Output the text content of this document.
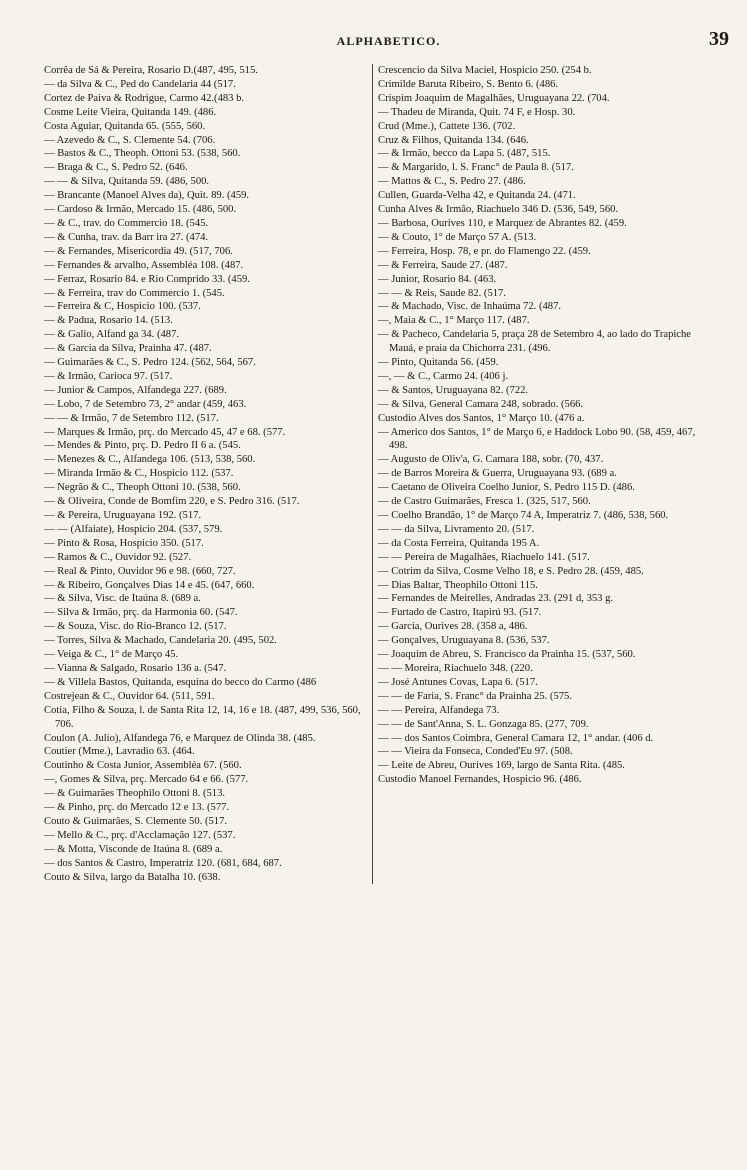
ALPHABETICO.	39
Corrêa de Sá & Pereira, Rosario D.(487, 495, 515.
— da Silva & C., Ped do Candelaria 44 (517.
Cortez de Paiva & Rodrigue, Carmo 42.(483 b.
Cosme Leite Vieira, Quitanda 149. (486.
Costa Aguiar, Quitanda 65. (555, 560.
— Azevedo & C., S. Clemente 54. (706.
— Bastos & C., Theoph. Ottoni 53. (538, 560.
— Braga & C., S. Pedro 52. (646.
— — & Silva, Quitanda 59. (486, 500.
— Brancante (Manoel Alves da), Quit. 89. (459.
— Cardoso & Irmão, Mercado 15. (486, 500.
— & C., trav. do Commercio 18. (545.
— & Cunha, trav. da Barr ira 27. (474.
— & Fernandes, Misericordia 49. (517, 706.
— Fernandes & arvalho, Assembléa 108. (487.
— Ferraz, Rosario 84. e Rio Comprido 33. (459.
— & Ferreira, trav do Commercio 1. (545.
— Ferreira & C, Hospicio 100. (537.
— & Padua, Rosario 14. (513.
— & Galio, Alfand ga 34. (487.
— & Garcia da Silva, Prainha 47. (487.
— Guimarães & C., S. Pedro 124. (562, 564, 567.
— & Irmão, Carioca 97. (517.
— Junior & Campos, Alfandega 227. (689.
— Lobo, 7 de Setembro 73, 2° andar (459, 463.
— — & Irmão, 7 de Setembro 112. (517.
— Marques & Irmão, prç. do Mercado 45, 47 e 68. (577.
— Mendes & Pinto, prç. D. Pedro II 6 a. (545.
— Menezes & C., Alfandega 106. (513, 538, 560.
— Miranda Irmão & C., Hospicio 112. (537.
— Negrão & C., Theoph Ottoni 10. (538, 560.
— & Oliveira, Conde de Bomfim 220, e S. Pedro 316. (517.
— & Pereira, Uruguayana 192. (517.
— — (Alfaiate), Hospicio 204. (537, 579.
— Pinto & Rosa, Hospicio 350. (517.
— Ramos & C., Ouvidor 92. (527.
— Real & Pinto, Ouvidor 96 e 98. (660, 727.
— & Ribeiro, Gonçalves Dias 14 e 45. (647, 660.
— & Silva, Visc. de Itaúna 8. (689 a.
— Silva & Irmão, prç. da Harmonia 60. (547.
— & Souza, Visc. do Rio-Branco 12. (517.
— Torres, Silva & Machado, Candelaria 20. (495, 502.
— Veiga & C., 1° de Março 45.
— Vianna & Salgado, Rosario 136 a. (547.
— & Villela Bastos, Quitanda, esquina do becco do Carmo (486
Costrejean & C., Ouvidor 64. (511, 591.
Cotia, Filho & Souza, l. de Santa Rita 12, 14, 16 e 18. (487, 499, 536, 560, 706.
Coulon (A. Julio), Alfandega 76, e Marquez de Olinda 38. (485.
Coutier (Mme.), Lavradio 63. (464.
Coutinho & Costa Junior, Assembléa 67. (560.
—, Gomes & Silva, prç. Mercado 64 e 66. (577.
— & Guimarães Theophilo Ottoni 8. (513.
— & Pinho, prç. do Mercado 12 e 13. (577.
Couto & Guimarães, S. Clemente 50. (517.
— Mello & C., prç. d'Acclamação 127. (537.
— & Motta, Visconde de Itaúna 8. (689 a.
— dos Santos & Castro, Imperatriz 120. (681, 684, 687.
Couto & Silva, largo da Batalha 10. (638.
Crescencio da Silva Maciel, Hospicio 250. (254 b.
Crimilde Baruta Ribeiro, S. Bento 6. (486.
Crispim Joaquim de Magalhães, Uruguayana 22. (704.
— Thadeu de Miranda, Quit. 74 F, e Hosp. 30.
Crud (Mme.), Cattete 136. (702.
Cruz & Filhos, Quitanda 134. (646.
— & Irmão, becco da Lapa 5. (487, 515.
— & Margarido, l. S. Franc° de Paula 8. (517.
— Mattos & C., S. Pedro 27. (486.
Cullen, Guarda-Velha 42, e Quitanda 24. (471.
Cunha Alves & Irmão, Riachuelo 346 D. (536, 549, 560.
— Barbosa, Ourives 110, e Marquez de Abrantes 82. (459.
— & Couto, 1° de Março 57 A. (513.
— Ferreira, Hosp. 78, e pr. do Flamengo 22. (459.
— & Ferreira, Saude 27. (487.
— Junior, Rosario 84. (463.
— — & Reis, Saude 82. (517.
— & Machado, Visc. de Inhaúma 72. (487.
—, Maia & C., 1° Março 117. (487.
— & Pacheco, Candelaria 5, praça 28 de Setembro 4, ao lado do Trapiche Mauá, e praia da Chichorra 231. (496.
— Pinto, Quitanda 56. (459.
—, — & C., Carmo 24. (406 j.
— & Santos, Uruguayana 82. (722.
— & Silva, General Camara 248, sobrado. (566.
Custodio Alves dos Santos, 1° Março 10. (476 a.
— Americo dos Santos, 1° de Março 6, e Haddock Lobo 90. (58, 459, 467, 498.
— Augusto de Oliv'a, G. Camara 188, sobr. (70, 437.
— de Barros Moreira & Guerra, Uruguayana 93. (689 a.
— Caetano de Oliveira Coelho Junior, S. Pedro 115 D. (486.
— de Castro Guimarães, Fresca 1. (325, 517, 560.
— Coelho Brandão, 1° de Março 74 A, Imperatriz 7. (486, 538, 560.
— — da Silva, Livramento 20. (517.
— da Costa Ferreira, Quitanda 195 A.
— — Pereira de Magalhães, Riachuelo 141. (517.
— Cotrim da Silva, Cosme Velho 18, e S. Pedro 28. (459, 485.
— Dias Baltar, Theophilo Ottoni 115.
— Fernandes de Meirelles, Andradas 23. (291 d, 353 g.
— Furtado de Castro, Itapirú 93. (517.
— Garcia, Ourives 28. (358 a, 486.
— Gonçalves, Uruguayana 8. (536, 537.
— Joaquim de Abreu, S. Francisco da Prainha 15. (537, 560.
— — Moreira, Riachuelo 348. (220.
— José Antunes Covas, Lapa 6. (517.
— — de Faria, S. Franc° da Prainha 25. (575.
— — Pereira, Alfandega 73.
— — de Sant'Anna, S. L. Gonzaga 85. (277, 709.
— — dos Santos Coimbra, General Camara 12, 1° andar. (406 d.
— — Vieira da Fonseca, Conded'Eu 97. (508.
— Leite de Abreu, Ourives 169, largo de Santa Rita. (485.
Custodio Manoel Fernandes, Hospicio 96. (486.
